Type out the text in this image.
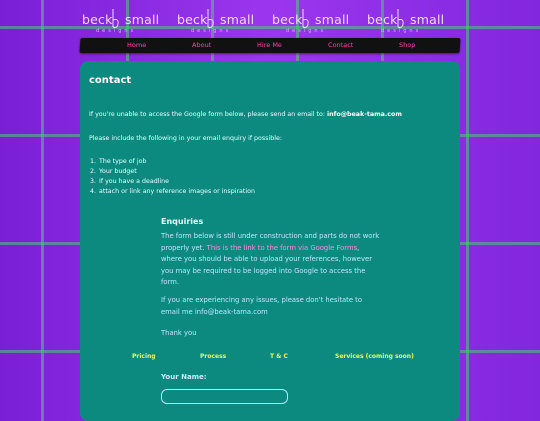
beck small
designs
beck small
designs
beck small
designs
beck small
designs
Home	About	Hire Me	Contact	Shop
contact
If you're unable to access the Google form below, please send an email to: info@beak-tama.com
Please include the following in your email enquiry if possible:
1. The type of job
2. Your budget
3. If you have a deadline
4. attach or link any reference images or inspiration
Enquiries
The form below is still under construction and parts do not work properly yet. This is the link to the form via Google Forms, where you should be able to upload your references, however you may be required to be logged into Google to access the form.
If you are experiencing any issues, please don't hesitate to email me info@beak-tama.com
Thank you
Pricing	Process	T & C	Services (coming soon)
Your Name:
